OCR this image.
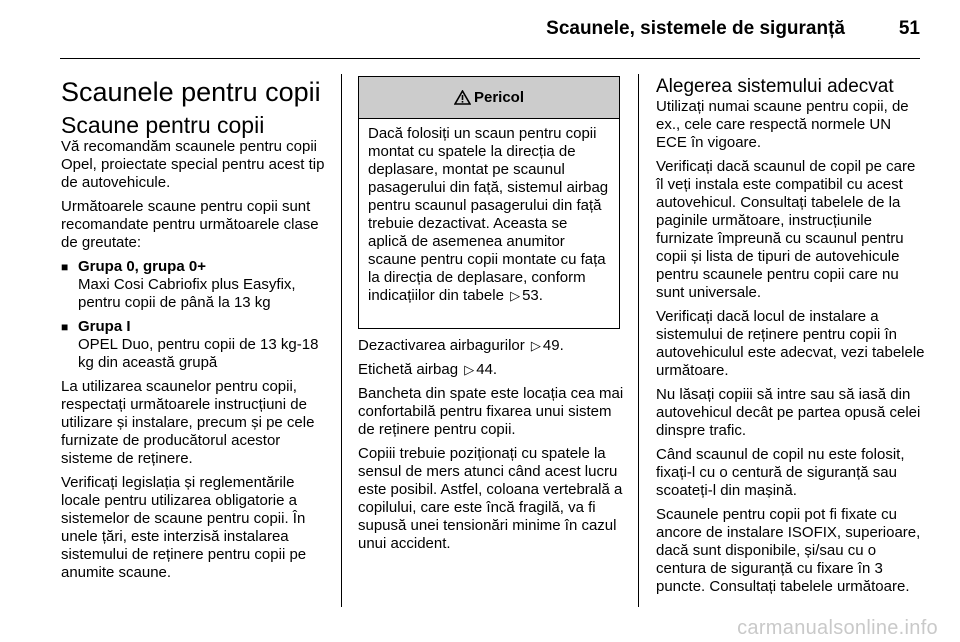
Scaunele, sistemele de siguranță	51
Scaunele pentru copii
Scaune pentru copii

Vă recomandăm scaunele pentru copii Opel, proiectate special pentru acest tip de autovehicule.

Următoarele scaune pentru copii sunt recomandate pentru următoarele clase de greutate:

■ Grupa 0, grupa 0+

Maxi Cosi Cabriofix plus Easyfix, pentru copii de până la 13 kg

■ Grupa I

OPEL Duo, pentru copii de 13 kg-18 kg din această grupă

La utilizarea scaunelor pentru copii, respectați următoarele instrucțiuni de utilizare și instalare, precum și pe cele furnizate de producătorul acestor sisteme de reținere.

Verificați legislația și reglementările locale pentru utilizarea obligatorie a sistemelor de scaune pentru copii. În unele țări, este interzisă instalarea sistemului de reținere pentru copii pe anumite scaune.

Pericol
Dacă folosiți un scaun pentru copii montat cu spatele la direcția de deplasare, montat pe scaunul pasagerului din față, sistemul airbag pentru scaunul pasagerului din față trebuie dezactivat. Aceasta se aplică de asemenea anumitor scaune pentru copii montate cu fața la direcția de deplasare, conform indicațiilor din tabele ▷ 53.

Dezactivarea airbagurilor ▷ 49.

Etichetă airbag ▷ 44.

Bancheta din spate este locația cea mai confortabilă pentru fixarea unui sistem de reținere pentru copii.

Copiii trebuie poziționați cu spatele la sensul de mers atunci când acest lucru este posibil. Astfel, coloana vertebrală a copilului, care este încă fragilă, va fi supusă unei tensionări minime în cazul unui accident.

Alegerea sistemului adecvat

Utilizați numai scaune pentru copii, de ex., cele care respectă normele UN ECE în vigoare.

Verificați dacă scaunul de copil pe care îl veți instala este compatibil cu acest autovehicul. Consultați tabelele de la paginile următoare, instrucțiunile furnizate împreună cu scaunul pentru copii și lista de tipuri de autovehicule pentru scaunele pentru copii care nu sunt universale.

Verificați dacă locul de instalare a sistemului de reținere pentru copii în autovehiculul este adecvat, vezi tabelele următoare.

Nu lăsați copiii să intre sau să iasă din autovehicul decât pe partea opusă celei dinspre trafic.

Când scaunul de copil nu este folosit, fixați-l cu o centură de siguranță sau scoateți-l din mașină.

Scaunele pentru copii pot fi fixate cu ancore de instalare ISOFIX, superioare, dacă sunt disponibile, și/sau cu o centura de siguranță cu fixare în 3 puncte. Consultați tabelele următoare.

carmanualsonline.info
